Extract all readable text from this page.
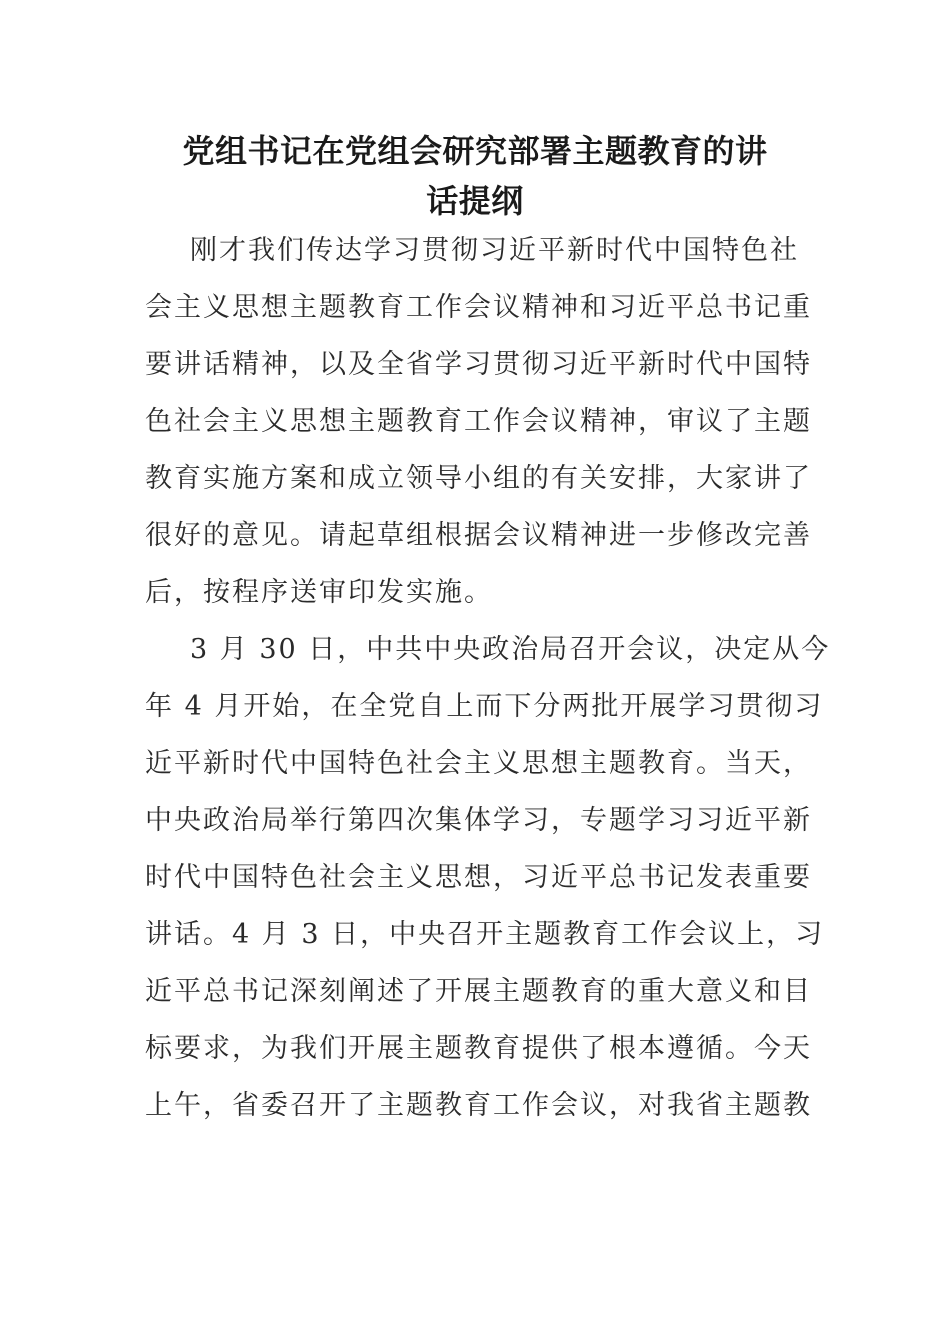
党组书记在党组会研究部署主题教育的讲
话提纲
刚才我们传达学习贯彻习近平新时代中国特色社
会主义思想主题教育工作会议精神和习近平总书记重
要讲话精神，以及全省学习贯彻习近平新时代中国特
色社会主义思想主题教育工作会议精神，审议了主题
教育实施方案和成立领导小组的有关安排，大家讲了
很好的意见。请起草组根据会议精神进一步修改完善
后，按程序送审印发实施。
3 月 30 日，中共中央政治局召开会议，决定从今
年 4 月开始，在全党自上而下分两批开展学习贯彻习
近平新时代中国特色社会主义思想主题教育。当天，
中央政治局举行第四次集体学习，专题学习习近平新
时代中国特色社会主义思想，习近平总书记发表重要
讲话。4 月 3 日，中央召开主题教育工作会议上，习
近平总书记深刻阐述了开展主题教育的重大意义和目
标要求，为我们开展主题教育提供了根本遵循。今天
上午，省委召开了主题教育工作会议，对我省主题教
